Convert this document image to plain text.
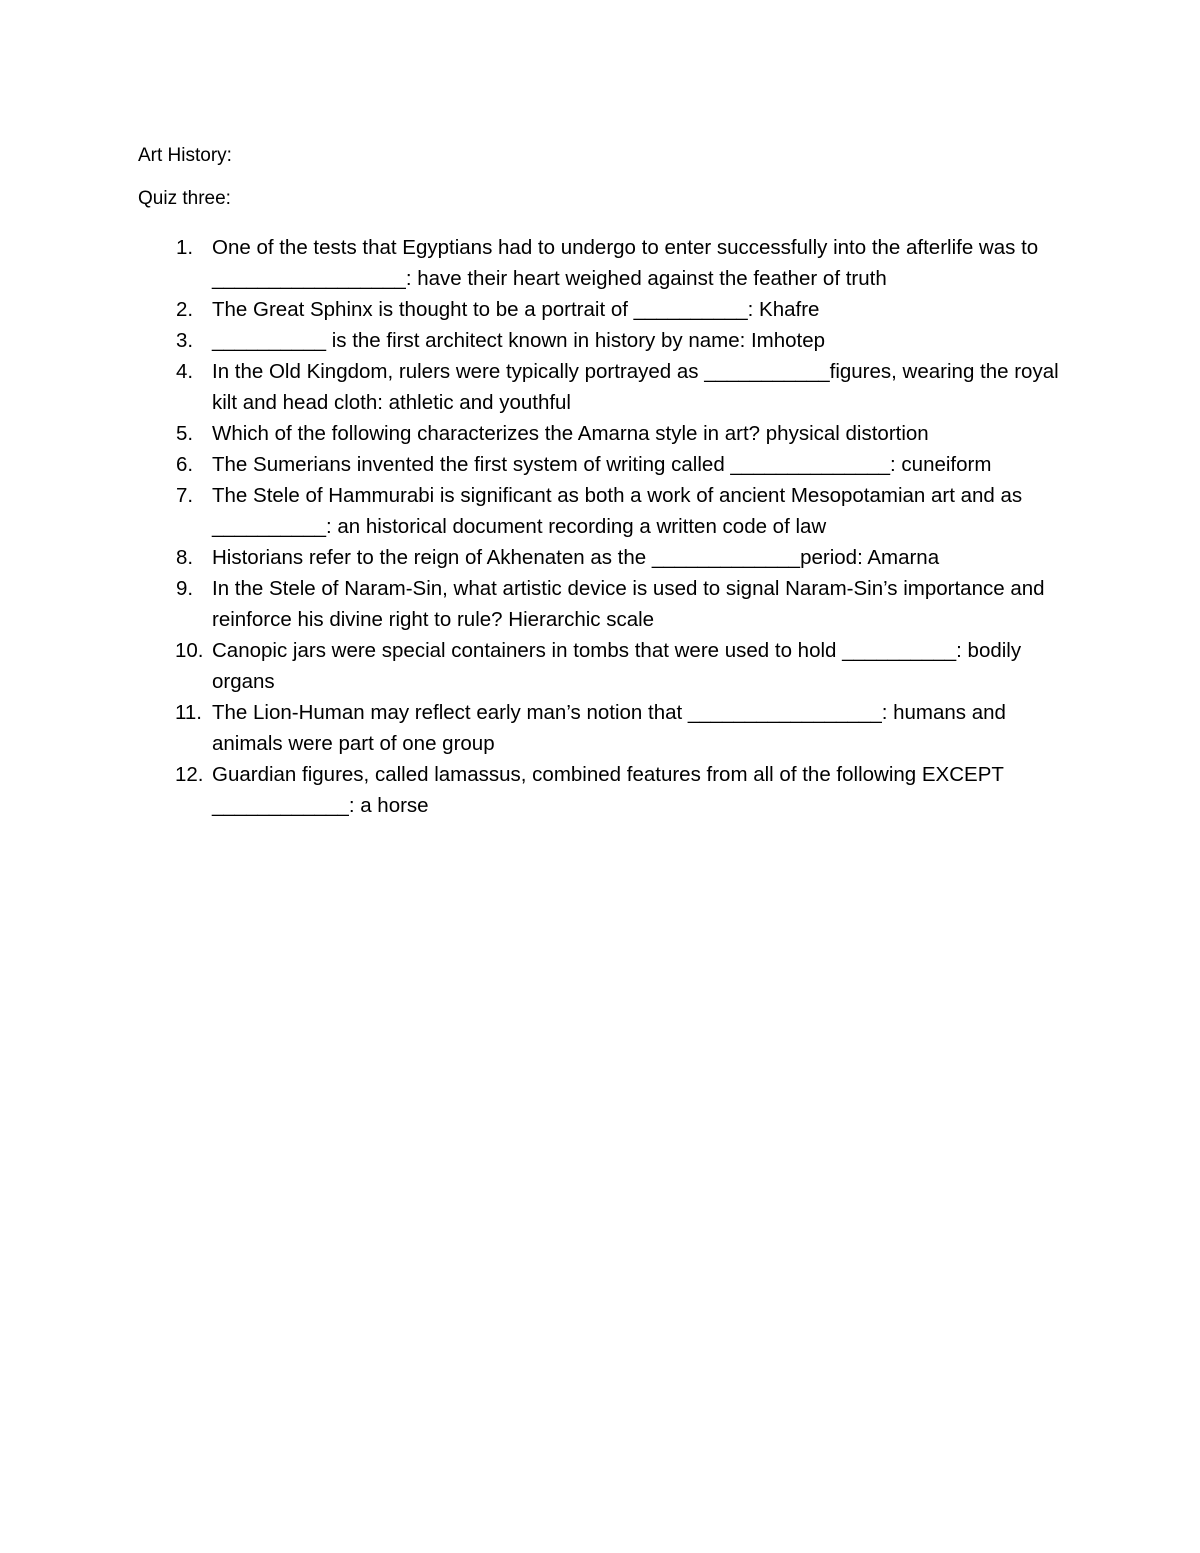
Art History:
Quiz three:
1. One of the tests that Egyptians had to undergo to enter successfully into the afterlife was to _________________: have their heart weighed against the feather of truth
2. The Great Sphinx is thought to be a portrait of __________: Khafre
3. __________ is the first architect known in history by name: Imhotep
4. In the Old Kingdom, rulers were typically portrayed as ___________figures, wearing the royal kilt and head cloth: athletic and youthful
5. Which of the following characterizes the Amarna style in art? physical distortion
6. The Sumerians invented the first system of writing called ______________: cuneiform
7. The Stele of Hammurabi is significant as both a work of ancient Mesopotamian art and as __________: an historical document recording a written code of law
8. Historians refer to the reign of Akhenaten as the _____________period: Amarna
9. In the Stele of Naram-Sin, what artistic device is used to signal Naram-Sin’s importance and reinforce his divine right to rule? Hierarchic scale
10. Canopic jars were special containers in tombs that were used to hold __________: bodily organs
11. The Lion-Human may reflect early man’s notion that _________________: humans and animals were part of one group
12. Guardian figures, called lamassus, combined features from all of the following EXCEPT ____________: a horse
